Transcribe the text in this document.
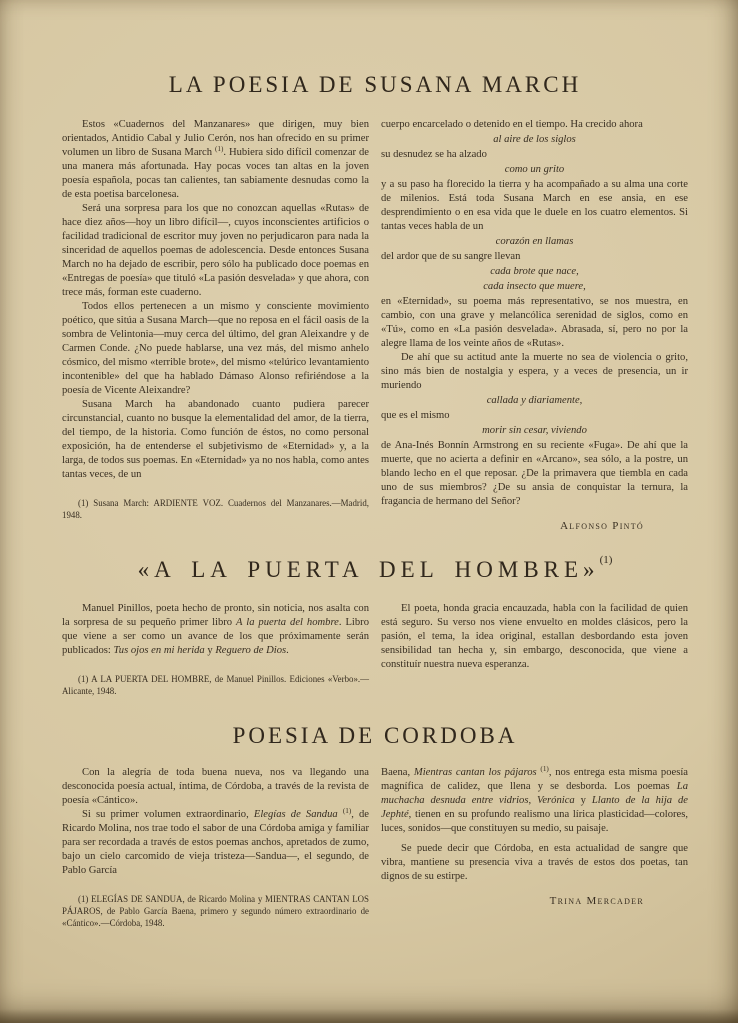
LA POESIA DE SUSANA MARCH

Estos «Cuadernos del Manzanares» que dirigen, muy bien orientados, Antidio Cabal y Julio Cerón, nos han ofrecido en su primer volumen un libro de Susana March $^{(1)}$. Hubiera sido difícil comenzar de una manera más afortunada. Hay pocas voces tan altas en la joven poesía española, pocas tan calientes, tan sabiamente desnudas como la de esta poetisa barcelonesa.

Será una sorpresa para los que no conozcan aquellas «Rutas» de hace diez años—hoy un libro difícil—, cuyos inconscientes artificios o facilidad tradicional de escritor muy joven no perjudicaron para nada la sinceridad de aquellos poemas de adolescencia. Desde entonces Susana March no ha dejado de escribir, pero sólo ha publicado doce poemas en «Entregas de poesía» que tituló «La pasión desvelada» y que ahora, con trece más, forman este cuaderno.

Todos ellos pertenecen a un mismo y consciente movimiento poético, que sitúa a Susana March—que no reposa en el fácil oasis de la sombra de Velintonia—muy cerca del último, del gran Aleixandre y de Carmen Conde. ¿No puede hablarse, una vez más, del mismo anhelo cósmico, del mismo «terrible brote», del mismo «telúrico levantamiento incontenible» del que ha hablado Dámaso Alonso refiriéndose a la poesía de Vicente Aleixandre?

Susana March ha abandonado cuanto pudiera parecer circunstancial, cuanto no busque la elementalidad del amor, de la tierra, del tiempo, de la historia. Como función de éstos, no como personal exposición, ha de entenderse el subjetivismo de «Eternidad» y, a la larga, de todos sus poemas. En «Eternidad» ya no nos habla, como antes tantas veces, de un

(1) Susana March: ARDIENTE VOZ. Cuadernos del Manzanares.—Madrid, 1948.

cuerpo encarcelado o detenido en el tiempo. Ha crecido ahora

al aire de los siglos

su desnudez se ha alzado

como un grito

y a su paso ha florecido la tierra y ha acompañado a su alma una corte de milenios. Está toda Susana March en ese ansia, en ese desprendimiento o en esa vida que le duele en los cuatro elementos. Si tantas veces habla de un

corazón en llamas

del ardor que de su sangre llevan

cada brote que nace,

cada insecto que muere,

en «Eternidad», su poema más representativo, se nos muestra, en cambio, con una grave y melancólica serenidad de siglos, como en «Tú», como en «La pasión desvelada». Abrasada, sí, pero no por la alegre llama de los veinte años de «Rutas».

De ahí que su actitud ante la muerte no sea de violencia o grito, sino más bien de nostalgia y espera, y a veces de presencia, un ir muriendo

callada y diariamente,

que es el mismo

morir sin cesar, viviendo

de Ana-Inés Bonnín Armstrong en su reciente «Fuga». De ahí que la muerte, que no acierta a definir en «Arcano», sea sólo, a la postre, un blando lecho en el que reposar. ¿De la primavera que tiembla en cada uno de sus miembros? ¿De su ansia de conquistar la ternura, la fragancia de hermano del Señor?

Alfonso Pintó

«A LA PUERTA DEL HOMBRE»$^{(1)}$

Manuel Pinillos, poeta hecho de pronto, sin noticia, nos asalta con la sorpresa de su pequeño primer libro A la puerta del hombre. Libro que viene a ser como un avance de los que próximamente serán publicados: Tus ojos en mi herida y Reguero de Dios.

(1) A LA PUERTA DEL HOMBRE, de Manuel Pinillos. Ediciones «Verbo».—Alicante, 1948.

El poeta, honda gracia encauzada, habla con la facilidad de quien está seguro. Su verso nos viene envuelto en moldes clásicos, pero la pasión, el tema, la idea original, estallan desbordando esta joven sensibilidad tan hecha y, sin embargo, desconocida, que viene a constituír nuestra nueva esperanza.

POESIA DE CORDOBA

Con la alegría de toda buena nueva, nos va llegando una desconocida poesía actual, íntima, de Córdoba, a través de la revista de poesía «Cántico».

Si su primer volumen extraordinario, Elegías de Sandua $^{(1)}$, de Ricardo Molina, nos trae todo el sabor de una Córdoba amiga y familiar para ser recordada a través de estos poemas anchos, apretados de zumo, bajo un cielo carcomido de vieja tristeza—Sandua—, el segundo, de Pablo García

(1) ELEGÍAS DE SANDUA, de Ricardo Molina y MIENTRAS CANTAN LOS PÁJAROS, de Pablo García Baena, primero y segundo número extraordinario de «Cántico».—Córdoba, 1948.

Baena, Mientras cantan los pájaros $^{(1)}$, nos entrega esta misma poesía magnífica de calidez, que llena y se desborda. Los poemas La muchacha desnuda entre vidrios, Verónica y Llanto de la hija de Jephté, tienen en su profundo realismo una lírica plasticidad—colores, luces, sonidos—que constituyen su medio, su paisaje.

Se puede decir que Córdoba, en esta actualidad de sangre que vibra, mantiene su presencia viva a través de estos dos poetas, tan dignos de su estirpe.

Trina Mercader
